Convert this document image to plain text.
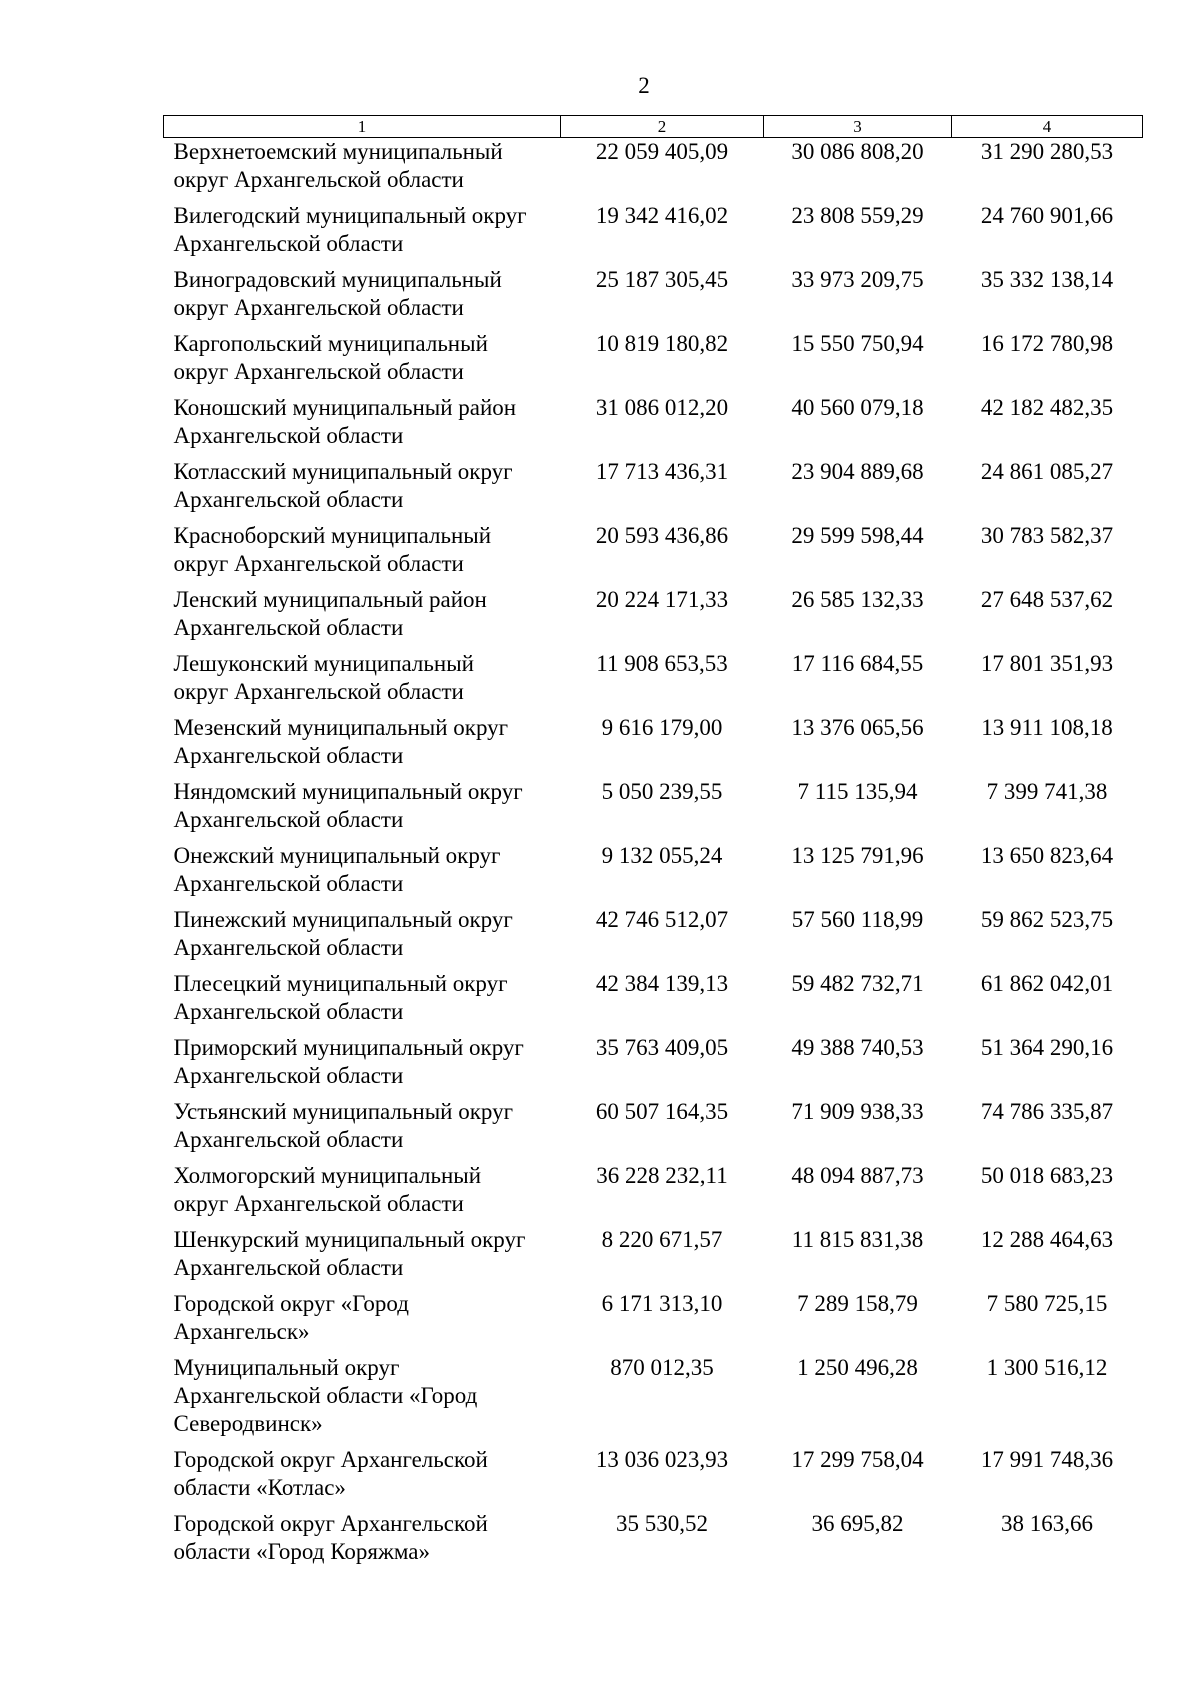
2
1	2	3	4

Верхнетоемский муниципальный
округ Архангельской области	22 059 405,09	30 086 808,20	31 290 280,53

Вилегодский муниципальный округ
Архангельской области	19 342 416,02	23 808 559,29	24 760 901,66

Виноградовский муниципальный
округ Архангельской области	25 187 305,45	33 973 209,75	35 332 138,14

Каргопольский муниципальный
округ Архангельской области	10 819 180,82	15 550 750,94	16 172 780,98

Коношский муниципальный район
Архангельской области	31 086 012,20	40 560 079,18	42 182 482,35

Котласский муниципальный округ
Архангельской области	17 713 436,31	23 904 889,68	24 861 085,27

Красноборский муниципальный
округ Архангельской области	20 593 436,86	29 599 598,44	30 783 582,37

Ленский муниципальный район
Архангельской области	20 224 171,33	26 585 132,33	27 648 537,62

Лешуконский муниципальный
округ Архангельской области	11 908 653,53	17 116 684,55	17 801 351,93

Мезенский муниципальный округ
Архангельской области	9 616 179,00	13 376 065,56	13 911 108,18

Няндомский муниципальный округ
Архангельской области	5 050 239,55	7 115 135,94	7 399 741,38

Онежский муниципальный округ
Архангельской области	9 132 055,24	13 125 791,96	13 650 823,64

Пинежский муниципальный округ
Архангельской области	42 746 512,07	57 560 118,99	59 862 523,75

Плесецкий муниципальный округ
Архангельской области	42 384 139,13	59 482 732,71	61 862 042,01

Приморский муниципальный округ
Архангельской области	35 763 409,05	49 388 740,53	51 364 290,16

Устьянский муниципальный округ
Архангельской области	60 507 164,35	71 909 938,33	74 786 335,87

Холмогорский муниципальный
округ Архангельской области	36 228 232,11	48 094 887,73	50 018 683,23

Шенкурский муниципальный округ
Архангельской области	8 220 671,57	11 815 831,38	12 288 464,63

Городской округ «Город
Архангельск»	6 171 313,10	7 289 158,79	7 580 725,15

Муниципальный округ
Архангельской области «Город
Северодвинск»	870 012,35	1 250 496,28	1 300 516,12

Городской округ Архангельской
области «Котлас»	13 036 023,93	17 299 758,04	17 991 748,36

Городской округ Архангельской
области «Город Коряжма»	35 530,52	36 695,82	38 163,66
